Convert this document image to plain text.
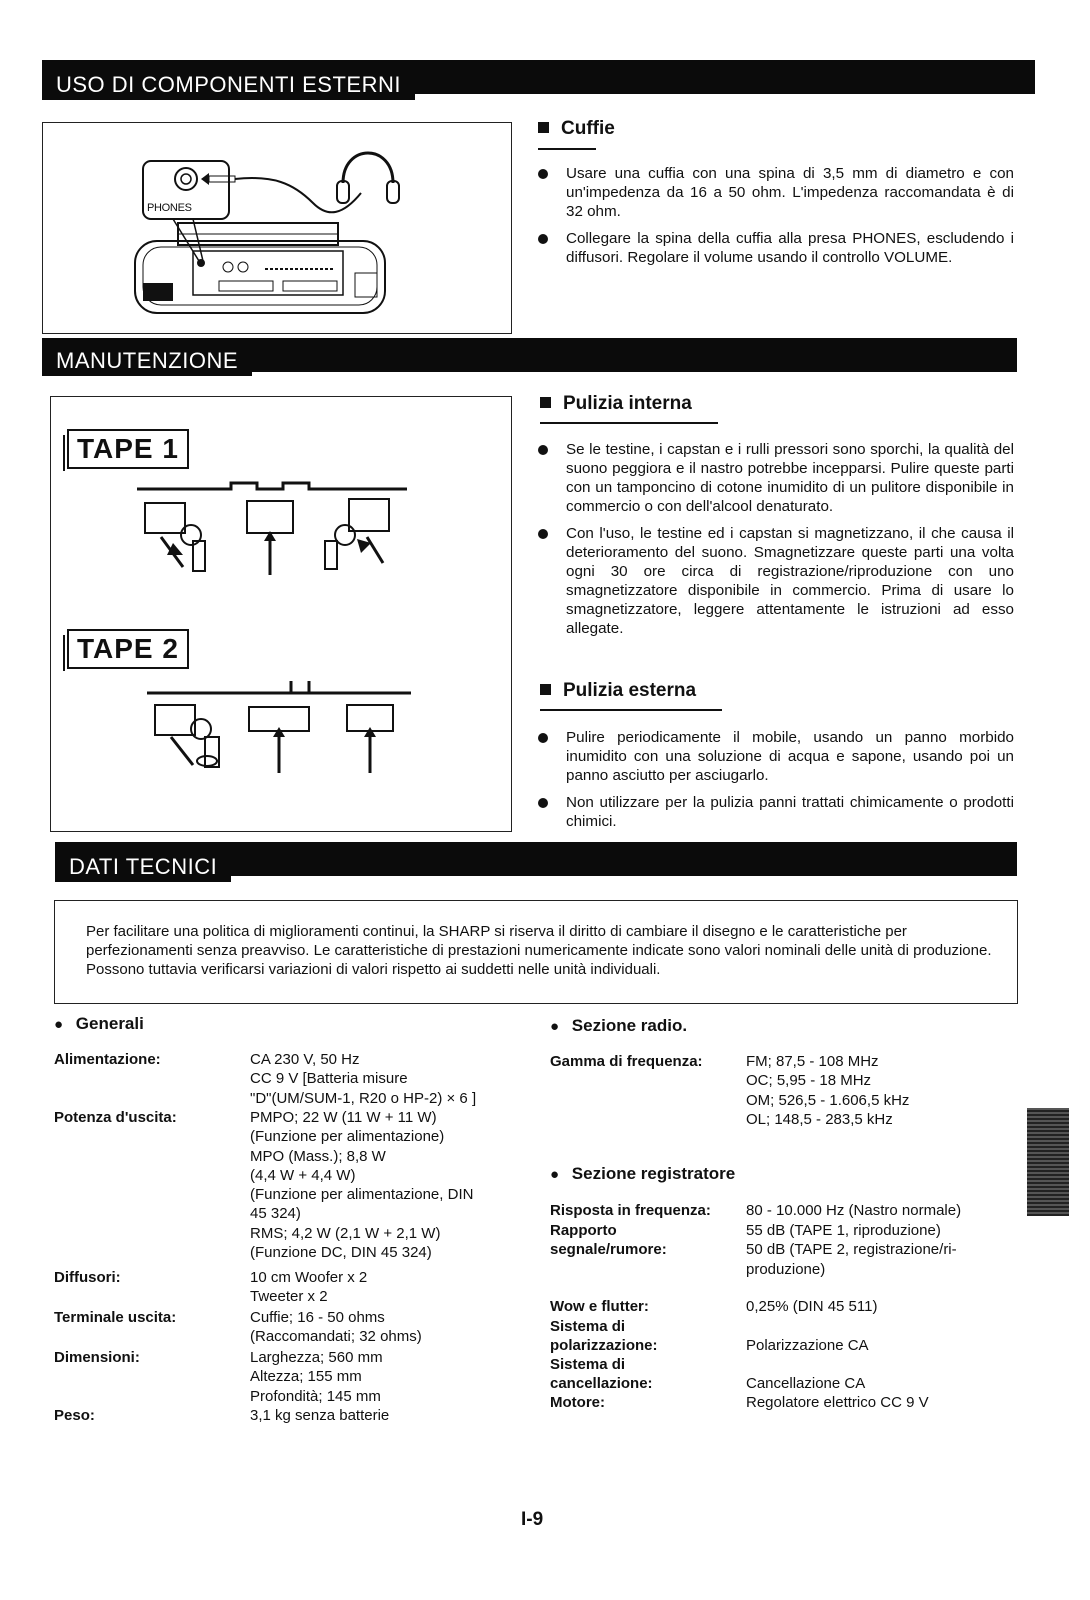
USO DI COMPONENTI ESTERNI
MANUTENZIONE
DATI TECNICI
PHONES
Cuffie
Usare una cuffia con una spina di 3,5 mm di diametro e con un'impedenza da 16 a 50 ohm. L'impedenza raccomandata è di 32 ohm.
Collegare la spina della cuffia alla presa PHONES, escludendo i diffusori. Regolare il volume usando il controllo VOLUME.
TAPE 1
TAPE 2
Pulizia interna
Se le testine, i capstan e i rulli pressori sono sporchi, la qualità del suono peggiora e il nastro potrebbe incepparsi. Pulire queste parti con un tamponcino di cotone inumidito di un pulitore disponibile in commercio o con dell'alcool denaturato.
Con l'uso, le testine ed i capstan si magnetizzano, il che causa il deterioramento del suono. Smagnetizzare queste parti una volta ogni 30 ore circa di registrazione/riproduzione con uno smagnetizzatore disponibile in commercio. Prima di usare lo smagnetizzatore, leggere attentamente le istruzioni ad esso allegate.
Pulizia esterna
Pulire periodicamente il mobile, usando un panno morbido inumidito con una soluzione di acqua e sapone, usando poi un panno asciutto per asciugarlo.
Non utilizzare per la pulizia panni trattati chimicamente o prodotti chimici.
Per facilitare una politica di miglioramenti continui, la SHARP si riserva il diritto di cambiare il disegno e le caratteristiche per perfezionamenti senza preavviso. Le caratteristiche di prestazioni numericamente indicate sono valori nominali delle unità di produzione. Possono tuttavia verificarsi variazioni di valori rispetto ai suddetti nelle unità individuali.
● Generali
Alimentazione:	CA 230 V, 50 Hz
CC 9 V [Batteria misure
"D"(UM/SUM-1, R20 o HP-2) × 6 ]
Potenza d'uscita:	PMPO; 22 W (11 W + 11 W)
(Funzione per alimentazione)
MPO (Mass.); 8,8 W
(4,4 W + 4,4 W)
(Funzione per alimentazione, DIN
45 324)
RMS; 4,2 W (2,1 W + 2,1 W)
(Funzione DC, DIN 45 324)
Diffusori:	10 cm Woofer x 2
Tweeter x 2
Terminale uscita:	Cuffie; 16 - 50 ohms
(Raccomandati; 32 ohms)
Dimensioni:	Larghezza; 560 mm
Altezza; 155 mm
Profondità; 145 mm
Peso:	3,1 kg senza batterie
● Sezione radio.
Gamma di frequenza:	FM; 87,5 - 108 MHz
OC; 5,95 - 18 MHz
OM; 526,5 - 1.606,5 kHz
OL; 148,5 - 283,5 kHz
● Sezione registratore
Risposta in frequenza: 80 - 10.000 Hz (Nastro normale)
Rapporto
segnale/rumore:
55 dB (TAPE 1, riproduzione)
50 dB (TAPE 2, registrazione/ri-
produzione)
Wow e flutter:	0,25% (DIN 45 511)
Sistema di
polarizzazione:	
Polarizzazione CA
Sistema di
cancellazione:	
Cancellazione CA
Motore:	Regolatore elettrico CC 9 V
I-9
